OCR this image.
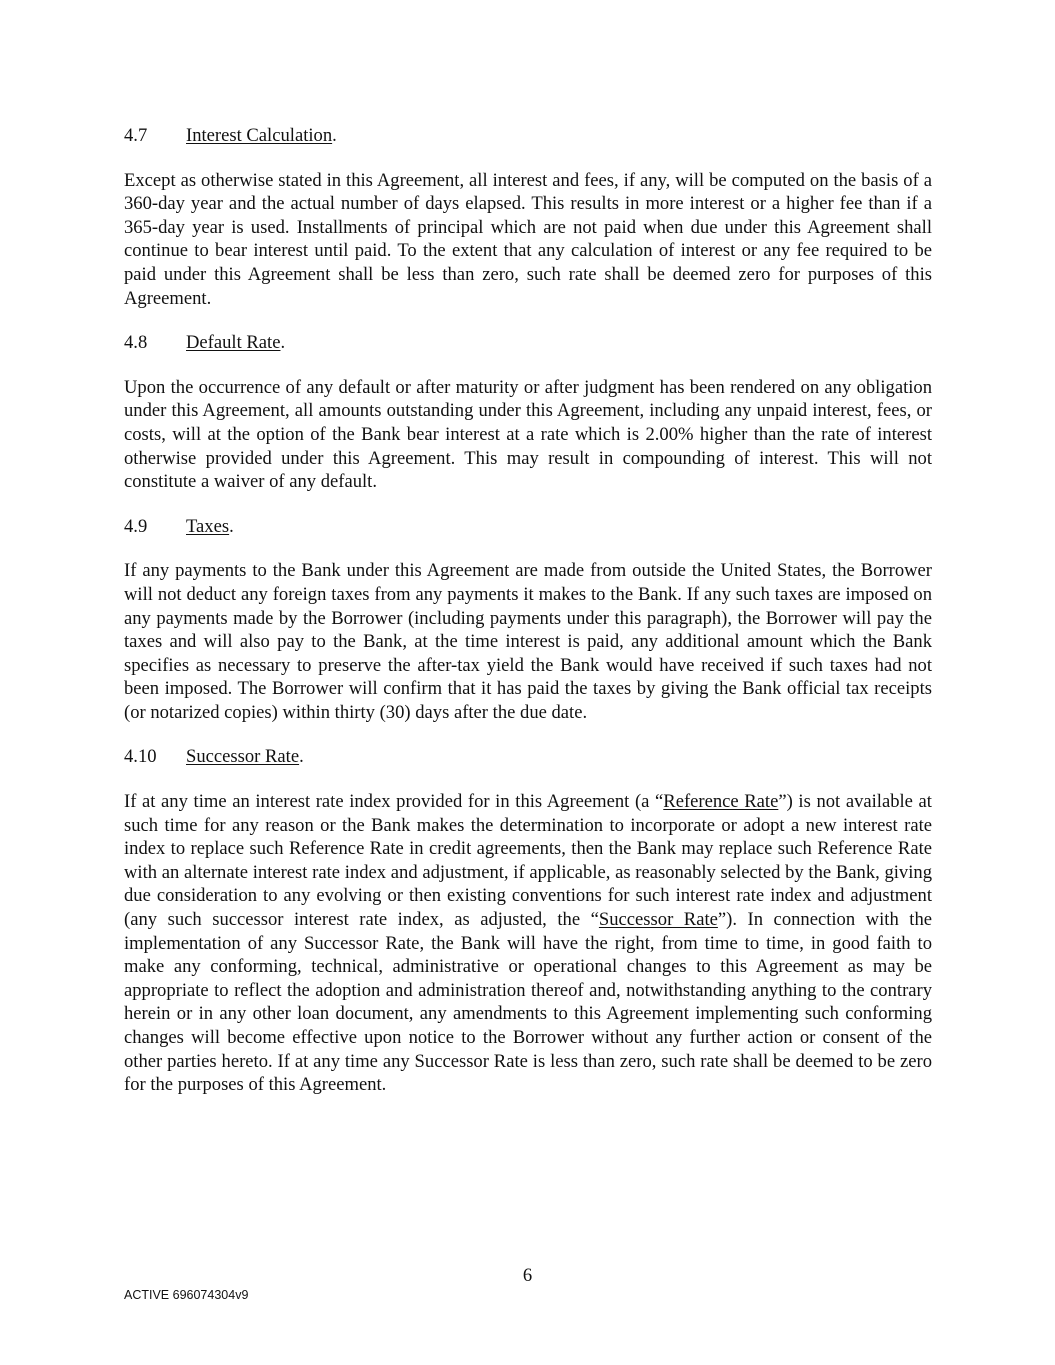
4.7 Interest Calculation.

Except as otherwise stated in this Agreement, all interest and fees, if any, will be computed on the basis of a 360-day year and the actual number of days elapsed. This results in more interest or a higher fee than if a 365-day year is used. Installments of principal which are not paid when due under this Agreement shall continue to bear interest until paid. To the extent that any calculation of interest or any fee required to be paid under this Agreement shall be less than zero, such rate shall be deemed zero for purposes of this Agreement.

4.8 Default Rate.

Upon the occurrence of any default or after maturity or after judgment has been rendered on any obligation under this Agreement, all amounts outstanding under this Agreement, including any unpaid interest, fees, or costs, will at the option of the Bank bear interest at a rate which is 2.00% higher than the rate of interest otherwise provided under this Agreement. This may result in compounding of interest. This will not constitute a waiver of any default.

4.9 Taxes.

If any payments to the Bank under this Agreement are made from outside the United States, the Borrower will not deduct any foreign taxes from any payments it makes to the Bank. If any such taxes are imposed on any payments made by the Borrower (including payments under this paragraph), the Borrower will pay the taxes and will also pay to the Bank, at the time interest is paid, any additional amount which the Bank specifies as necessary to preserve the after-tax yield the Bank would have received if such taxes had not been imposed. The Borrower will confirm that it has paid the taxes by giving the Bank official tax receipts (or notarized copies) within thirty (30) days after the due date.

4.10 Successor Rate.

If at any time an interest rate index provided for in this Agreement (a “Reference Rate”) is not available at such time for any reason or the Bank makes the determination to incorporate or adopt a new interest rate index to replace such Reference Rate in credit agreements, then the Bank may replace such Reference Rate with an alternate interest rate index and adjustment, if applicable, as reasonably selected by the Bank, giving due consideration to any evolving or then existing conventions for such interest rate index and adjustment (any such successor interest rate index, as adjusted, the “Successor Rate”). In connection with the implementation of any Successor Rate, the Bank will have the right, from time to time, in good faith to make any conforming, technical, administrative or operational changes to this Agreement as may be appropriate to reflect the adoption and administration thereof and, notwithstanding anything to the contrary herein or in any other loan document, any amendments to this Agreement implementing such conforming changes will become effective upon notice to the Borrower without any further action or consent of the other parties hereto. If at any time any Successor Rate is less than zero, such rate shall be deemed to be zero for the purposes of this Agreement.

6
ACTIVE 696074304v9
